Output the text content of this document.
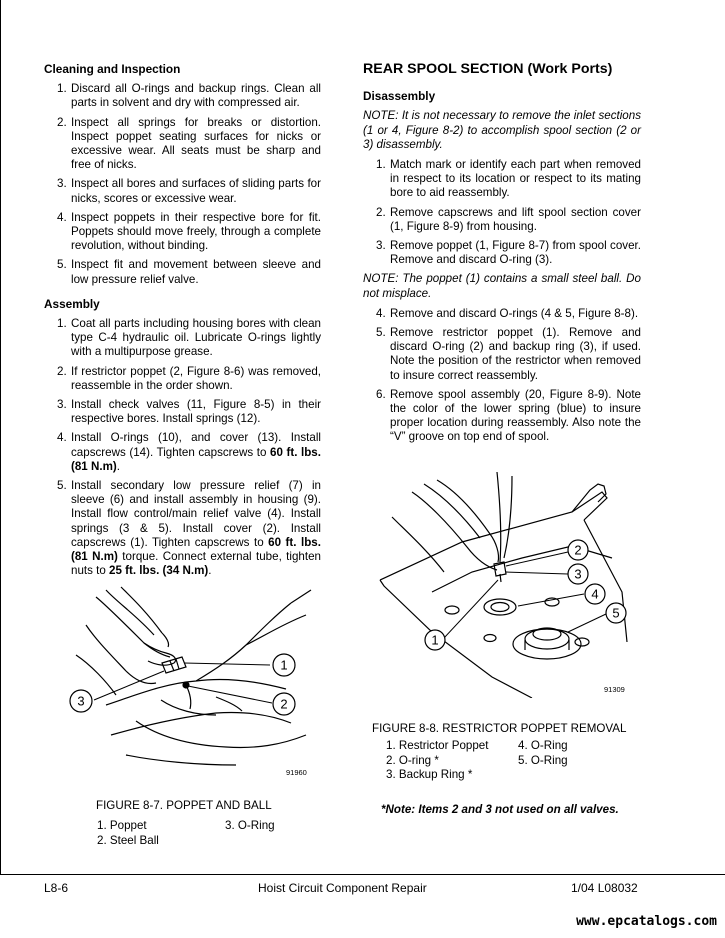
Cleaning and Inspection
1. Discard all O-rings and backup rings. Clean all parts in solvent and dry with compressed air.
2. Inspect all springs for breaks or distortion. Inspect poppet seating surfaces for nicks or excessive wear. All seats must be sharp and free of nicks.
3. Inspect all bores and surfaces of sliding parts for nicks, scores or excessive wear.
4. Inspect poppets in their respective bore for fit. Poppets should move freely, through a complete revolution, without binding.
5. Inspect fit and movement between sleeve and low pressure relief valve.
Assembly
1. Coat all parts including housing bores with clean type C-4 hydraulic oil. Lubricate O-rings lightly with a multipurpose grease.
2. If restrictor poppet (2, Figure 8-6) was removed, reassemble in the order shown.
3. Install check valves (11, Figure 8-5) in their respective bores. Install springs (12).
4. Install O-rings (10), and cover (13). Install capscrews (14). Tighten capscrews to 60 ft. lbs. (81 N.m).
5. Install secondary low pressure relief (7) in sleeve (6) and install assembly in housing (9). Install flow control/main relief valve (4). Install springs (3 & 5). Install cover (2). Install capscrews (1). Tighten capscrews to 60 ft. lbs. (81 N.m) torque. Connect external tube, tighten nuts to 25 ft. lbs. (34 N.m).
REAR SPOOL SECTION (Work Ports)
Disassembly
NOTE: It is not necessary to remove the inlet sections (1 or 4, Figure 8-2) to accomplish spool section (2 or 3) disassembly.
1. Match mark or identify each part when removed in respect to its location or respect to its mating bore to aid reassembly.
2. Remove capscrews and lift spool section cover (1, Figure 8-9) from housing.
3. Remove poppet (1, Figure 8-7) from spool cover. Remove and discard O-ring (3).
NOTE: The poppet (1) contains a small steel ball. Do not misplace.
4. Remove and discard O-rings (4 & 5, Figure 8-8).
5. Remove restrictor poppet (1). Remove and discard O-ring (2) and backup ring (3), if used. Note the position of the restrictor when removed to insure correct reassembly.
6. Remove spool assembly (20, Figure 8-9). Note the color of the lower spring (blue) to insure proper location during reassembly. Also note the “V” groove on top end of spool.
1
2
3
91960
FIGURE 8-7. POPPET AND BALL
1. Poppet
2. Steel Ball
3. O-Ring
1
2
3
4
5
91309
FIGURE 8-8. RESTRICTOR POPPET REMOVAL
1. Restrictor Poppet
2. O-ring *
3. Backup Ring *
4. O-Ring
5. O-Ring
*Note: Items 2 and 3 not used on all valves.
L8-6	Hoist Circuit Component Repair	1/04 L08032
www.epcatalogs.com
